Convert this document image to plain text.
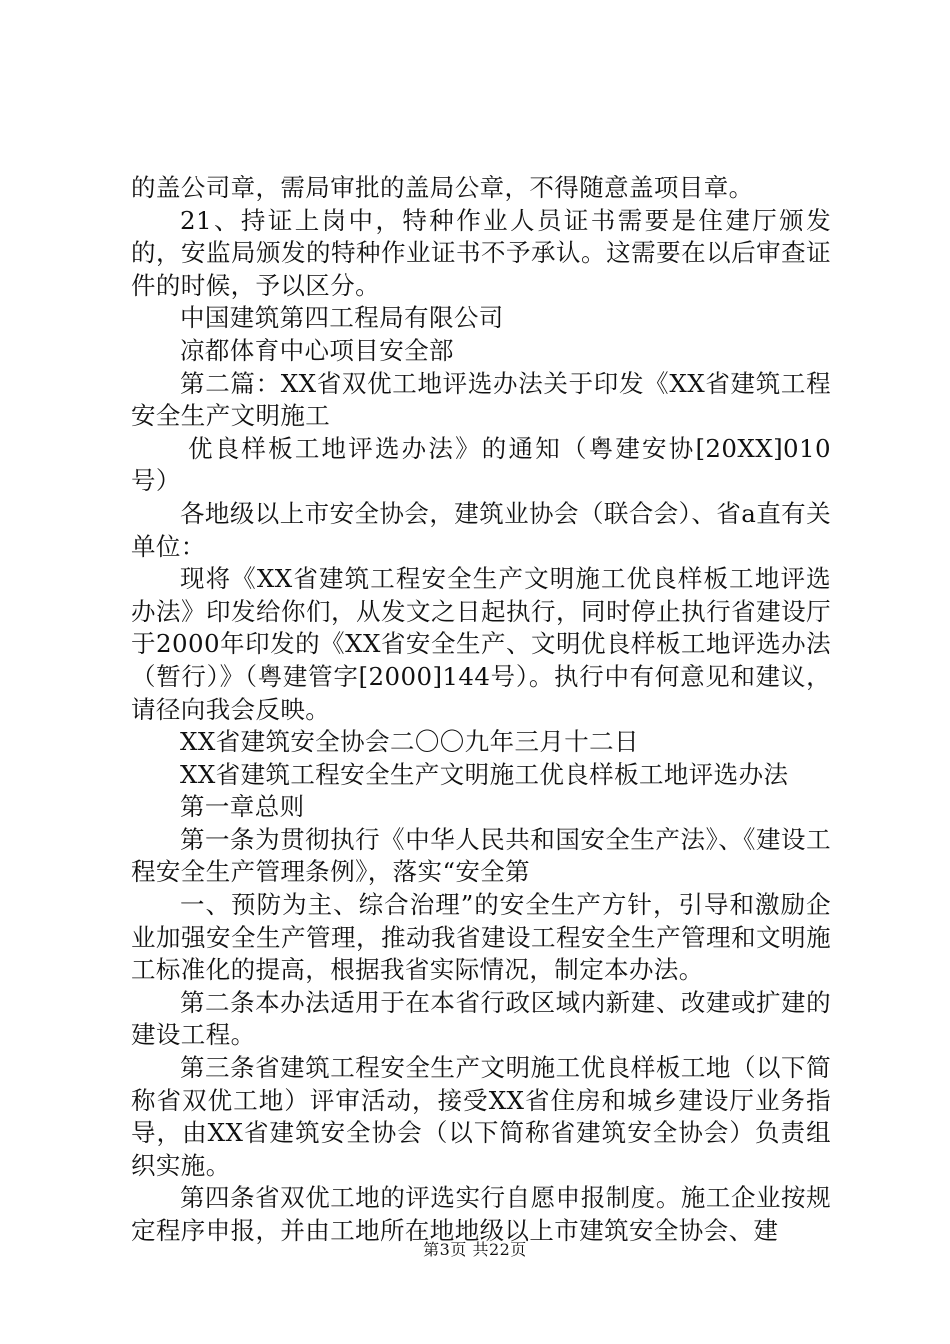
的盖公司章，需局审批的盖局公章，不得随意盖项目章。

21、持证上岗中，特种作业人员证书需要是住建厅颁发的，安监局颁发的特种作业证书不予承认。这需要在以后审查证件的时候，予以区分。

中国建筑第四工程局有限公司

凉都体育中心项目安全部

第二篇：XX省双优工地评选办法关于印发《XX省建筑工程安全生产文明施工

优良样板工地评选办法》的通知（粤建安协[20XX]010号）

各地级以上市安全协会，建筑业协会（联合会）、省a直有关单位：

现将《XX省建筑工程安全生产文明施工优良样板工地评选办法》印发给你们，从发文之日起执行，同时停止执行省建设厅于2000年印发的《XX省安全生产、文明优良样板工地评选办法（暂行）》（粤建管字[2000]144号）。执行中有何意见和建议，请径向我会反映。

XX省建筑安全协会二〇〇九年三月十二日

XX省建筑工程安全生产文明施工优良样板工地评选办法

第一章总则

第一条为贯彻执行《中华人民共和国安全生产法》、《建设工程安全生产管理条例》，落实“安全第

一、预防为主、综合治理”的安全生产方针，引导和激励企业加强安全生产管理，推动我省建设工程安全生产管理和文明施工标准化的提高，根据我省实际情况，制定本办法。

第二条本办法适用于在本省行政区域内新建、改建或扩建的建设工程。

第三条省建筑工程安全生产文明施工优良样板工地（以下简称省双优工地）评审活动，接受XX省住房和城乡建设厅业务指导，由XX省建筑安全协会（以下简称省建筑安全协会）负责组织实施。

第四条省双优工地的评选实行自愿申报制度。施工企业按规定程序申报，并由工地所在地地级以上市建筑安全协会、建

第3页 共22页
